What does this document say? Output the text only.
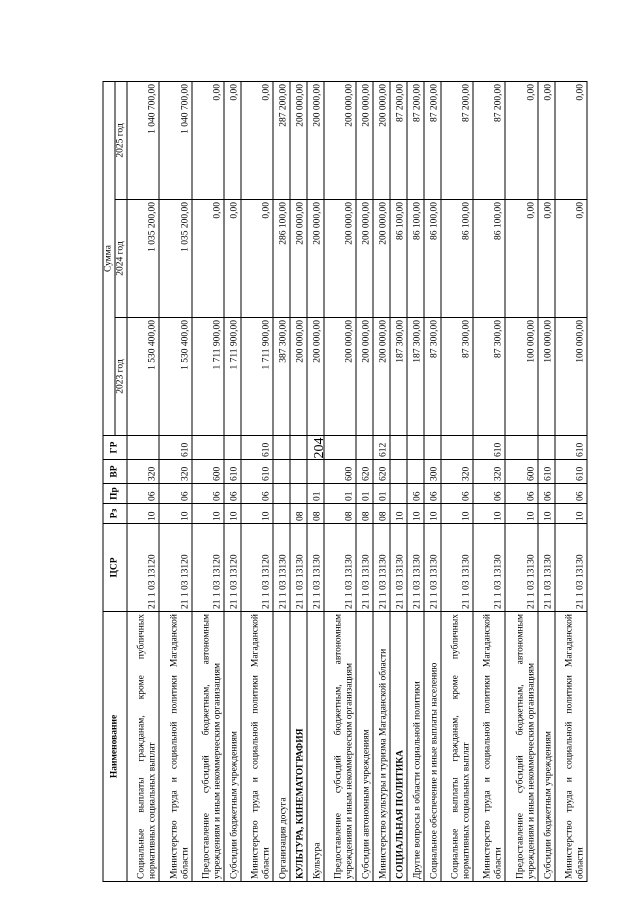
204
Наименование	ЦСР	Рз	Пр	ВР	ГР	Сумма		
						2023 год	2024 год	2025 год
Социальные выплаты гражданам, кроме публичных нормативных социальных выплат	21 1 03 13120	10	06	320		1 530 400,00	1 035 200,00	1 040 700,00
Министерство труда и социальной политики Магаданской области	21 1 03 13120	10	06	320	610	1 530 400,00	1 035 200,00	1 040 700,00
Предоставление субсидий бюджетным, автономным учреждениям и иным некоммерческим организациям	21 1 03 13120	10	06	600		1 711 900,00	0,00	0,00
Субсидии бюджетным учреждениям	21 1 03 13120	10	06	610		1 711 900,00	0,00	0,00
Министерство труда и социальной политики Магаданской области	21 1 03 13120	10	06	610	610	1 711 900,00	0,00	0,00
Организация досуга	21 1 03 13130					387 300,00	286 100,00	287 200,00
КУЛЬТУРА, КИНЕМАТОГРАФИЯ	21 1 03 13130	08				200 000,00	200 000,00	200 000,00
Культура	21 1 03 13130	08	01			200 000,00	200 000,00	200 000,00
Предоставление субсидий бюджетным, автономным учреждениям и иным некоммерческим организациям	21 1 03 13130	08	01	600		200 000,00	200 000,00	200 000,00
Субсидии автономным учреждениям	21 1 03 13130	08	01	620		200 000,00	200 000,00	200 000,00
Министерство культуры и туризма Магаданской области	21 1 03 13130	08	01	620	612	200 000,00	200 000,00	200 000,00
СОЦИАЛЬНАЯ ПОЛИТИКА	21 1 03 13130	10				187 300,00	86 100,00	87 200,00
Другие вопросы в области социальной политики	21 1 03 13130	10	06			187 300,00	86 100,00	87 200,00
Социальное обеспечение и иные выплаты населению	21 1 03 13130	10	06	300		87 300,00	86 100,00	87 200,00
Социальные выплаты гражданам, кроме публичных нормативных социальных выплат	21 1 03 13130	10	06	320		87 300,00	86 100,00	87 200,00
Министерство труда и социальной политики Магаданской области	21 1 03 13130	10	06	320	610	87 300,00	86 100,00	87 200,00
Предоставление субсидий бюджетным, автономным учреждениям и иным некоммерческим организациям	21 1 03 13130	10	06	600		100 000,00	0,00	0,00
Субсидии бюджетным учреждениям	21 1 03 13130	10	06	610		100 000,00	0,00	0,00
Министерство труда и социальной политики Магаданской области	21 1 03 13130	10	06	610	610	100 000,00	0,00	0,00
